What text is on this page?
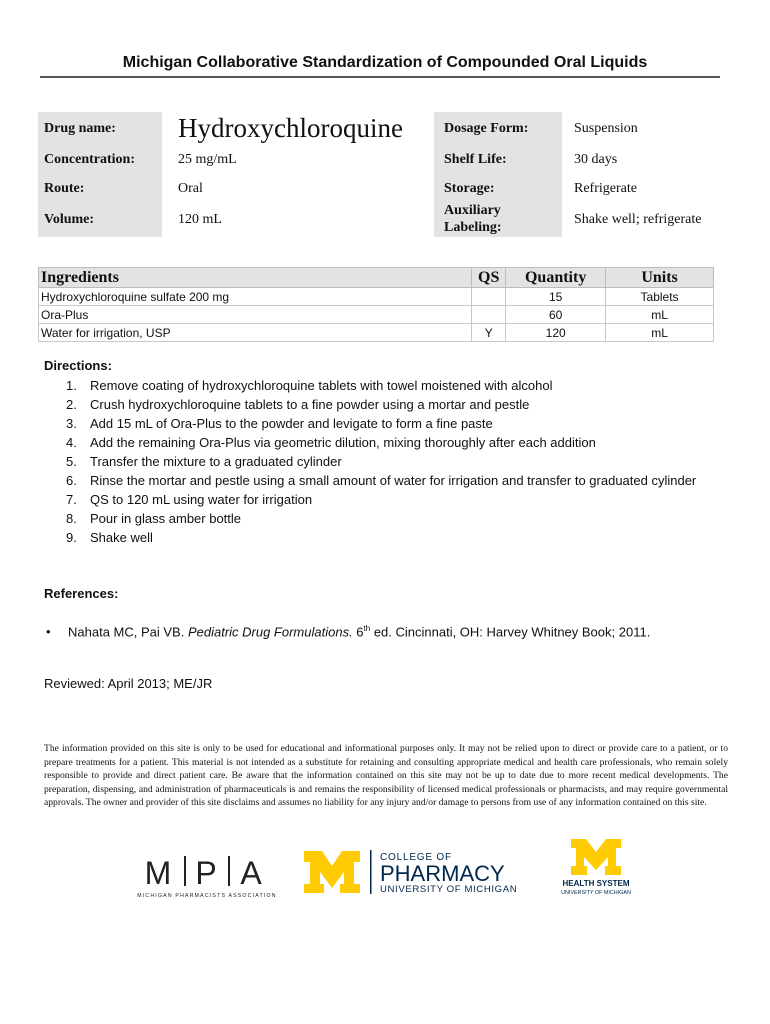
Michigan Collaborative Standardization of Compounded Oral Liquids
Drug name: Hydroxychloroquine
Concentration:	25 mg/mL
Route:	Oral
Volume:	120 mL
Dosage Form:	Suspension
Shelf Life:	30 days
Storage:	Refrigerate
Auxiliary
Labeling:
Shake well; refrigerate
Ingredients	QS	Quantity	Units
Hydroxychloroquine sulfate 200 mg		15	Tablets
Ora-Plus		60	mL
Water for irrigation, USP	Y	120	mL
Directions:
1. Remove coating of hydroxychloroquine tablets with towel moistened with alcohol
2. Crush hydroxychloroquine tablets to a fine powder using a mortar and pestle
3. Add 15 mL of Ora-Plus to the powder and levigate to form a fine paste
4. Add the remaining Ora-Plus via geometric dilution, mixing thoroughly after each addition
5. Transfer the mixture to a graduated cylinder
6. Rinse the mortar and pestle using a small amount of water for irrigation and transfer to graduated cylinder
7. QS to 120 mL using water for irrigation
8. Pour in glass amber bottle
9. Shake well
References:
• Nahata MC, Pai VB. Pediatric Drug Formulations. 6th ed. Cincinnati, OH: Harvey Whitney Book; 2011.
Reviewed: April 2013; ME/JR
The information provided on this site is only to be used for educational and informational purposes only. It may not be relied upon to direct or provide care to a patient, or to prepare treatments for a patient. This material is not intended as a substitute for retaining and consulting appropriate medical and health care professionals, who remain solely responsible to provide and direct patient care. Be aware that the information contained on this site may not be up to date due to more recent medical developments. The preparation, dispensing, and administration of pharmaceuticals is and remains the responsibility of licensed medical professionals or pharmacists, and may require governmental approvals. The owner and provider of this site disclaims and assumes no liability for any injury and/or damage to persons from use of any information contained on this site.
M P A
MICHIGAN PHARMACISTS ASSOCIATION
COLLEGE OF
PHARMACY
UNIVERSITY OF MICHIGAN
HEALTH SYSTEM
UNIVERSITY OF MICHIGAN
